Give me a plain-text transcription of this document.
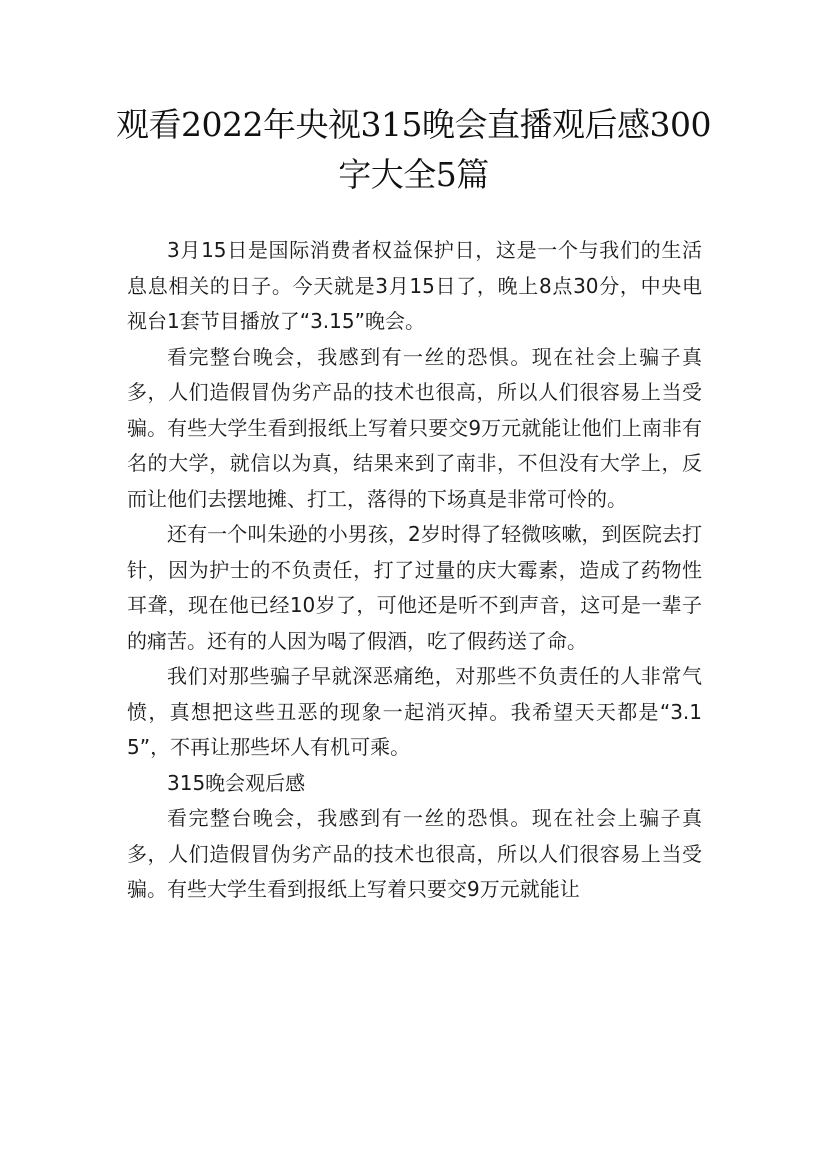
观看2022年央视315晚会直播观后感300字大全5篇

3月15日是国际消费者权益保护日，这是一个与我们的生活息息相关的日子。今天就是3月15日了，晚上8点30分，中央电视台1套节目播放了“3.15”晚会。

看完整台晚会，我感到有一丝的恐惧。现在社会上骗子真多，人们造假冒伪劣产品的技术也很高，所以人们很容易上当受骗。有些大学生看到报纸上写着只要交9万元就能让他们上南非有名的大学，就信以为真，结果来到了南非，不但没有大学上，反而让他们去摆地摊、打工，落得的下场真是非常可怜的。

还有一个叫朱逊的小男孩，2岁时得了轻微咳嗽，到医院去打针，因为护士的不负责任，打了过量的庆大霉素，造成了药物性耳聋，现在他已经10岁了，可他还是听不到声音，这可是一辈子的痛苦。还有的人因为喝了假酒，吃了假药送了命。

我们对那些骗子早就深恶痛绝，对那些不负责任的人非常气愤，真想把这些丑恶的现象一起消灭掉。我希望天天都是“3.15”，不再让那些坏人有机可乘。

315晚会观后感

看完整台晚会，我感到有一丝的恐惧。现在社会上骗子真多，人们造假冒伪劣产品的技术也很高，所以人们很容易上当受骗。有些大学生看到报纸上写着只要交9万元就能让
